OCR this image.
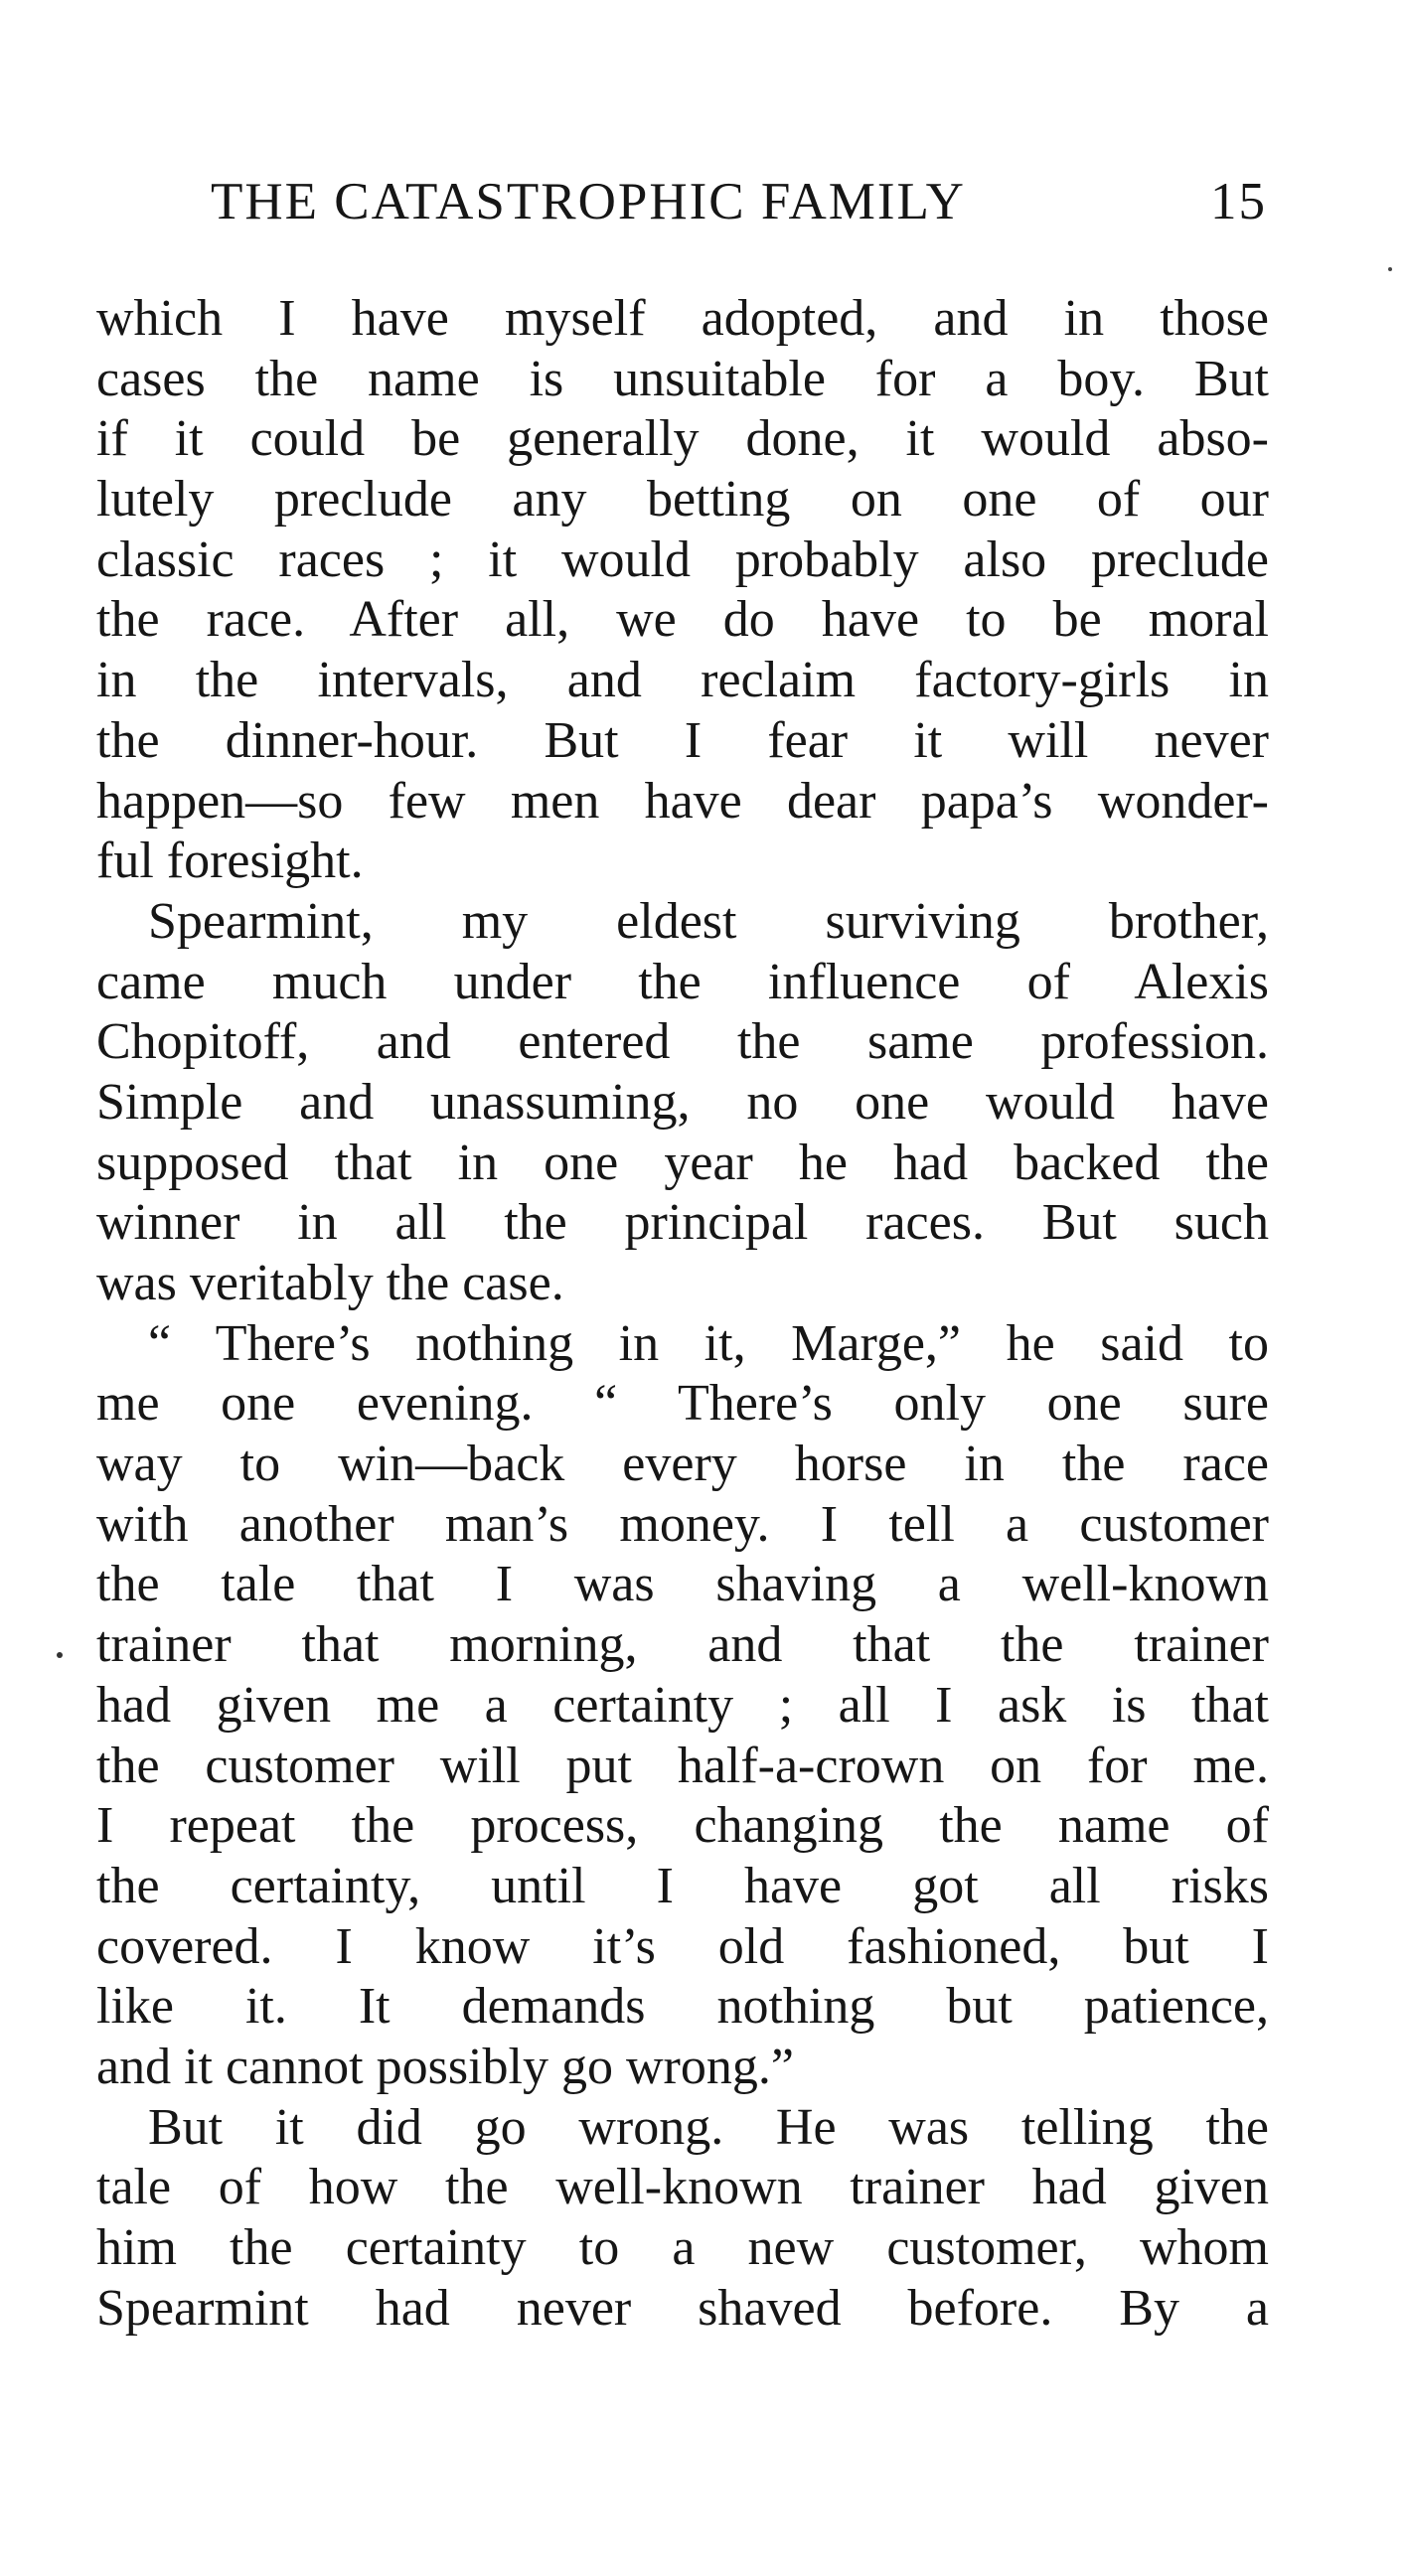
THE CATASTROPHIC FAMILY	15
which I have myself adopted, and in those
cases the name is unsuitable for a boy. But
if it could be generally done, it would abso-
lutely preclude any betting on one of our
classic races ; it would probably also preclude
the race. After all, we do have to be moral
in the intervals, and reclaim factory-girls in
the dinner-hour. But I fear it will never
happen—so few men have dear papa’s wonder-
ful foresight.
Spearmint, my eldest surviving brother,
came much under the influence of Alexis
Chopitoff, and entered the same profession.
Simple and unassuming, no one would have
supposed that in one year he had backed the
winner in all the principal races. But such
was veritably the case.
“ There’s nothing in it, Marge,” he said to
me one evening. “ There’s only one sure
way to win—back every horse in the race
with another man’s money. I tell a customer
the tale that I was shaving a well-known
trainer that morning, and that the trainer
had given me a certainty ; all I ask is that
the customer will put half-a-crown on for me.
I repeat the process, changing the name of
the certainty, until I have got all risks
covered. I know it’s old fashioned, but I
like it. It demands nothing but patience,
and it cannot possibly go wrong.”
But it did go wrong. He was telling the
tale of how the well-known trainer had given
him the certainty to a new customer, whom
Spearmint had never shaved before. By a
